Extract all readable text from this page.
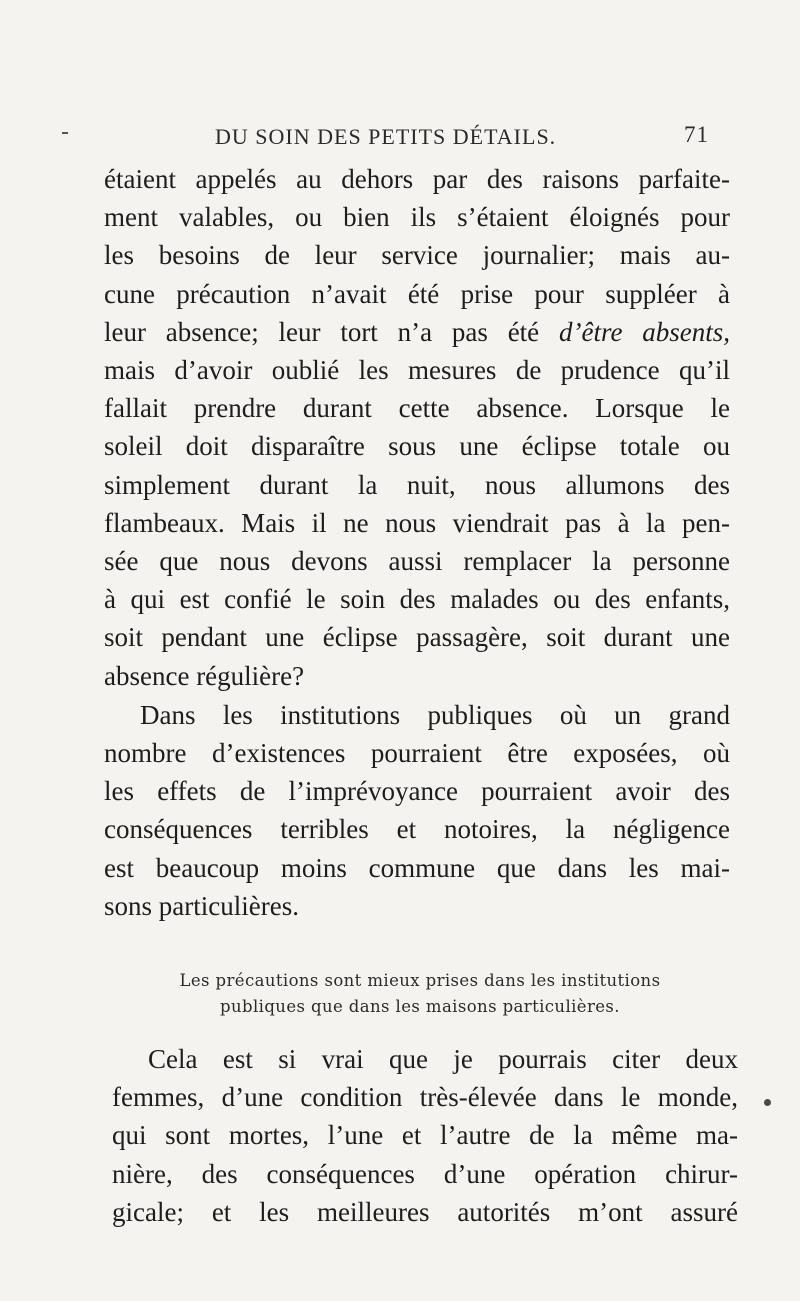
DU SOIN DES PETITS DÉTAILS.	71
étaient appelés au dehors par des raisons parfaite-
ment valables, ou bien ils s’étaient éloignés pour
les besoins de leur service journalier; mais au-
cune précaution n’avait été prise pour suppléer à
leur absence; leur tort n’a pas été d’être absents,
mais d’avoir oublié les mesures de prudence qu’il
fallait prendre durant cette absence. Lorsque le
soleil doit disparaître sous une éclipse totale ou
simplement durant la nuit, nous allumons des
flambeaux. Mais il ne nous viendrait pas à la pen-
sée que nous devons aussi remplacer la personne
à qui est confié le soin des malades ou des enfants,
soit pendant une éclipse passagère, soit durant une
absence régulière?
Dans les institutions publiques où un grand
nombre d’existences pourraient être exposées, où
les effets de l’imprévoyance pourraient avoir des
conséquences terribles et notoires, la négligence
est beaucoup moins commune que dans les mai-
sons particulières.
Les précautions sont mieux prises dans les institutions
publiques que dans les maisons particulières.
Cela est si vrai que je pourrais citer deux
femmes, d’une condition très-élevée dans le monde,
qui sont mortes, l’une et l’autre de la même ma-
nière, des conséquences d’une opération chirur-
gicale; et les meilleures autorités m’ont assuré
